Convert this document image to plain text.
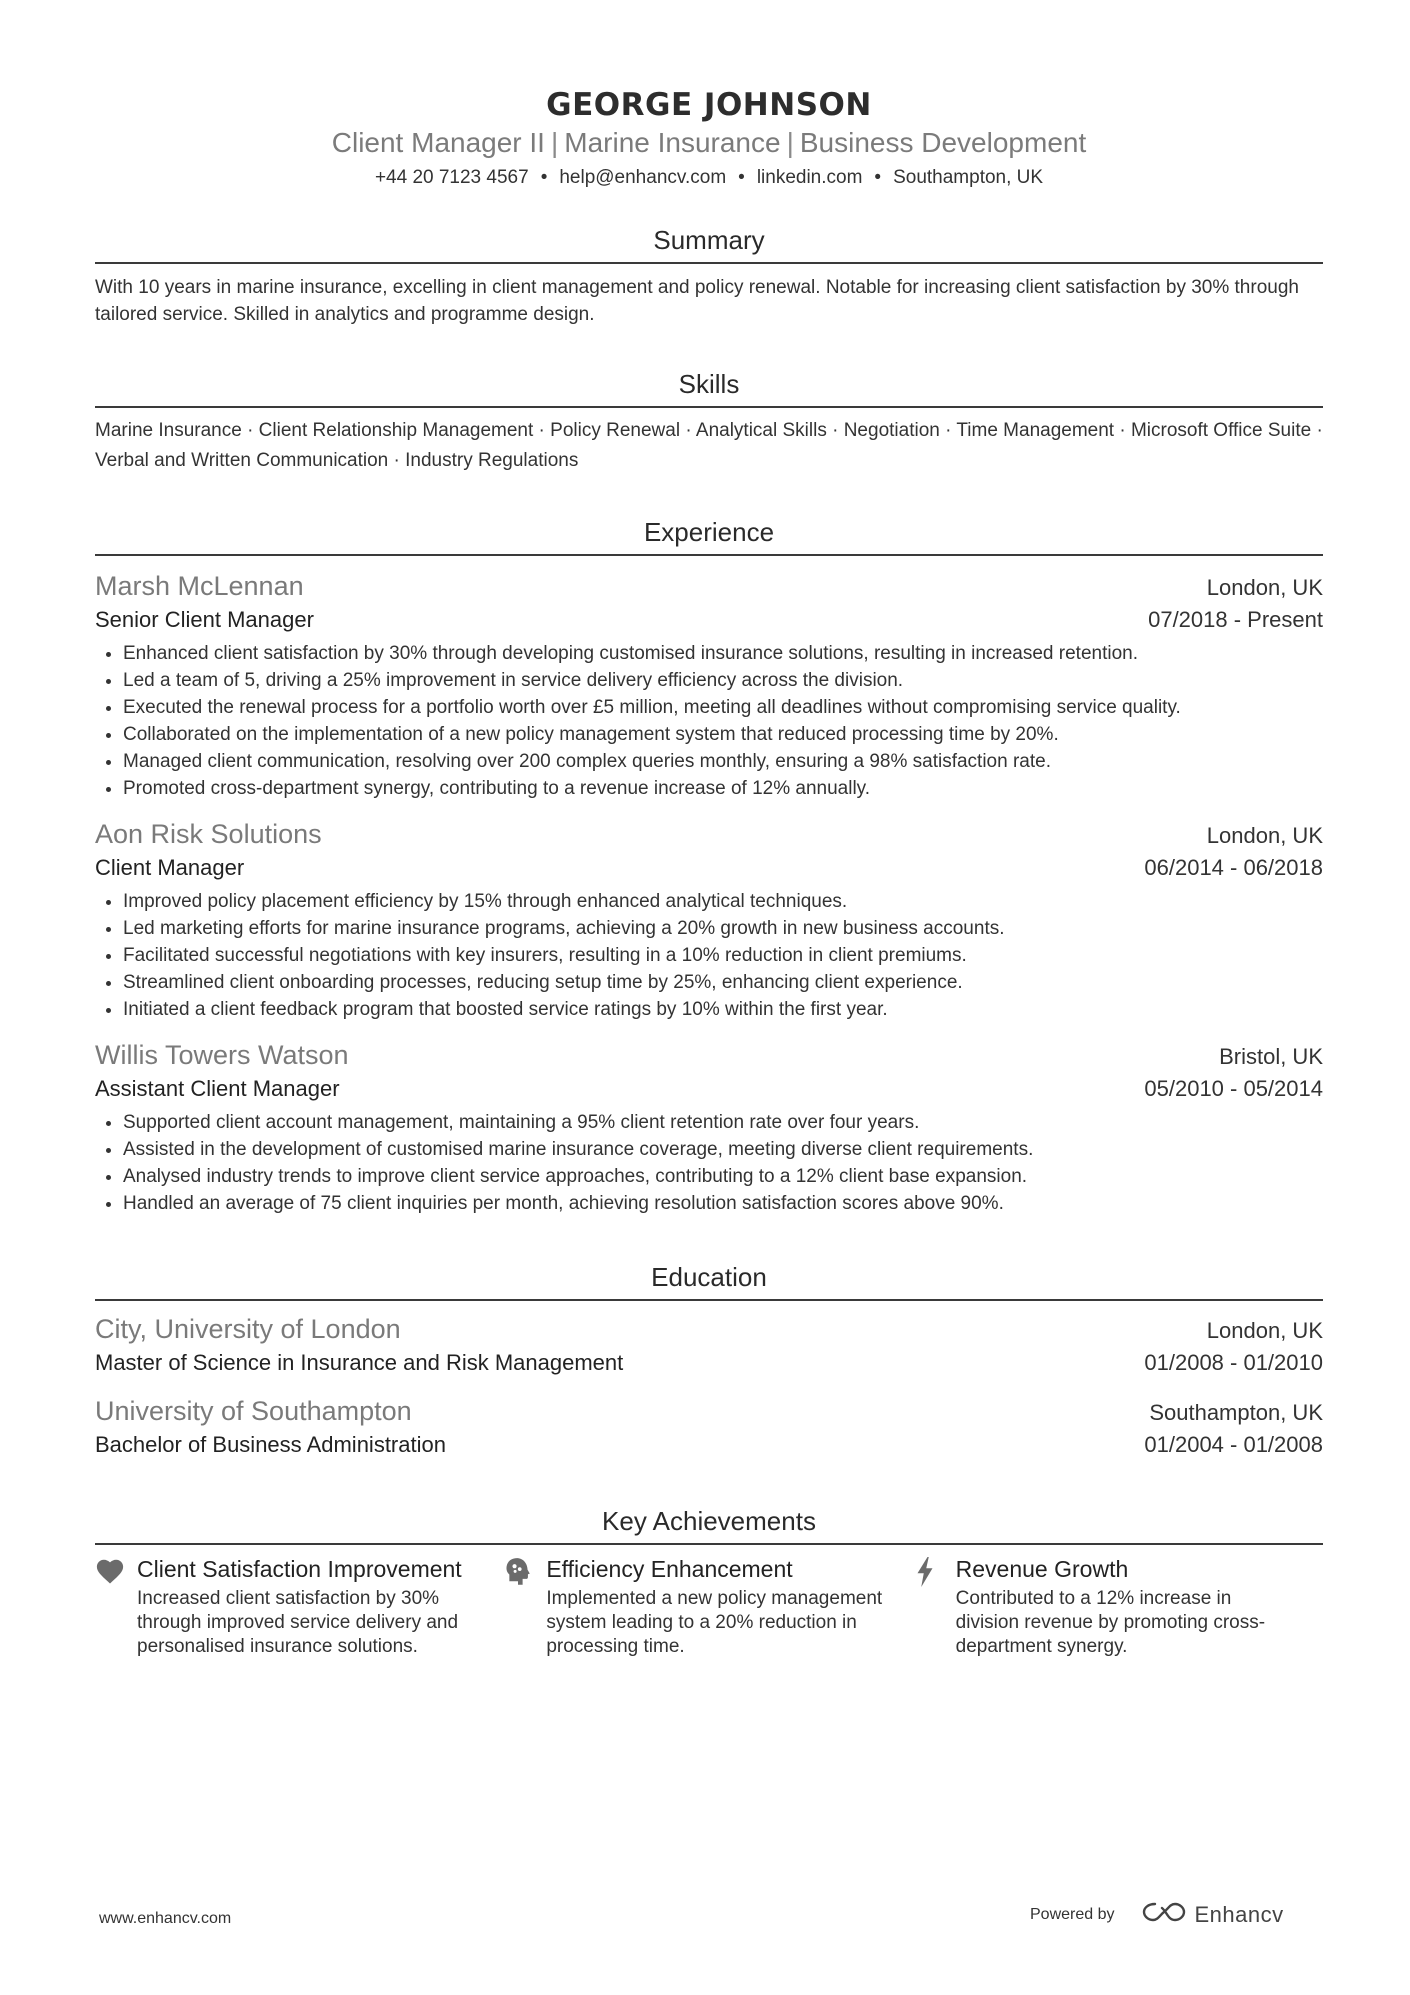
GEORGE JOHNSON
Client Manager II | Marine Insurance | Business Development
+44 20 7123 4567 • help@enhancv.com • linkedin.com • Southampton, UK
Summary
With 10 years in marine insurance, excelling in client management and policy renewal. Notable for increasing client satisfaction by 30% through tailored service. Skilled in analytics and programme design.
Skills
Marine Insurance · Client Relationship Management · Policy Renewal · Analytical Skills · Negotiation · Time Management · Microsoft Office Suite · Verbal and Written Communication · Industry Regulations
Experience
Marsh McLennan	London, UK
Senior Client Manager	07/2018 - Present
• Enhanced client satisfaction by 30% through developing customised insurance solutions, resulting in increased retention.
• Led a team of 5, driving a 25% improvement in service delivery efficiency across the division.
• Executed the renewal process for a portfolio worth over £5 million, meeting all deadlines without compromising service quality.
• Collaborated on the implementation of a new policy management system that reduced processing time by 20%.
• Managed client communication, resolving over 200 complex queries monthly, ensuring a 98% satisfaction rate.
• Promoted cross-department synergy, contributing to a revenue increase of 12% annually.
Aon Risk Solutions	London, UK
Client Manager	06/2014 - 06/2018
• Improved policy placement efficiency by 15% through enhanced analytical techniques.
• Led marketing efforts for marine insurance programs, achieving a 20% growth in new business accounts.
• Facilitated successful negotiations with key insurers, resulting in a 10% reduction in client premiums.
• Streamlined client onboarding processes, reducing setup time by 25%, enhancing client experience.
• Initiated a client feedback program that boosted service ratings by 10% within the first year.
Willis Towers Watson	Bristol, UK
Assistant Client Manager	05/2010 - 05/2014
• Supported client account management, maintaining a 95% client retention rate over four years.
• Assisted in the development of customised marine insurance coverage, meeting diverse client requirements.
• Analysed industry trends to improve client service approaches, contributing to a 12% client base expansion.
• Handled an average of 75 client inquiries per month, achieving resolution satisfaction scores above 90%.
Education
City, University of London	London, UK
Master of Science in Insurance and Risk Management	01/2008 - 01/2010
University of Southampton	Southampton, UK
Bachelor of Business Administration	01/2004 - 01/2008
Key Achievements
Client Satisfaction Improvement
Increased client satisfaction by 30% through improved service delivery and personalised insurance solutions.
Efficiency Enhancement
Implemented a new policy management system leading to a 20% reduction in processing time.
Revenue Growth
Contributed to a 12% increase in division revenue by promoting cross-department synergy.
www.enhancv.com	Powered by	Enhancv
